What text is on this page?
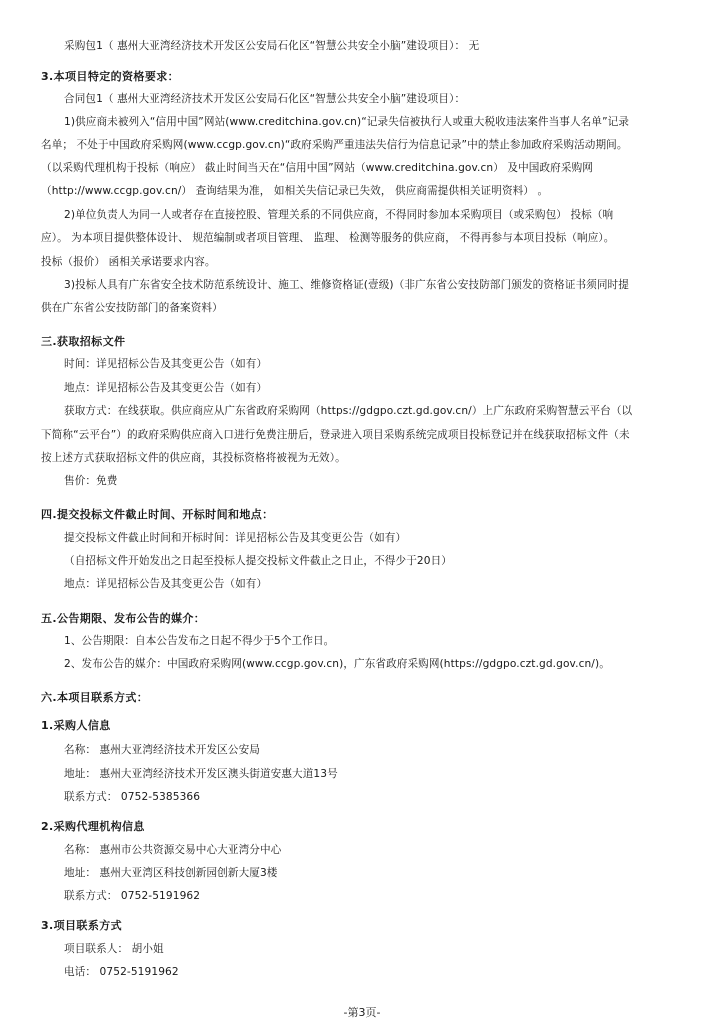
采购包1（ 惠州大亚湾经济技术开发区公安局石化区“智慧公共安全小脑”建设项目）： 无
3.本项目特定的资格要求：
合同包1（ 惠州大亚湾经济技术开发区公安局石化区“智慧公共安全小脑”建设项目）：
1)供应商未被列入“信用中国”网站(www.creditchina.gov.cn)“记录失信被执行人或重大税收违法案件当事人名单”记录
名单； 不处于中国政府采购网(www.ccgp.gov.cn)“政府采购严重违法失信行为信息记录”中的禁止参加政府采购活动期间。
（以采购代理机构于投标（响应） 截止时间当天在“信用中国”网站（www.creditchina.gov.cn） 及中国政府采购网
（http://www.ccgp.gov.cn/） 查询结果为准， 如相关失信记录已失效， 供应商需提供相关证明资料） 。
2)单位负责人为同一人或者存在直接控股、管理关系的不同供应商，不得同时参加本采购项目（或采购包） 投标（响
应）。 为本项目提供整体设计、 规范编制或者项目管理、 监理、 检测等服务的供应商， 不得再参与本项目投标（响应）。
投标（报价） 函相关承诺要求内容。
3)投标人具有广东省安全技术防范系统设计、施工、维修资格证(壹级)（非广东省公安技防部门颁发的资格证书须同时提
供在广东省公安技防部门的备案资料）
三.获取招标文件
时间：详见招标公告及其变更公告（如有）
地点：详见招标公告及其变更公告（如有）
获取方式：在线获取。供应商应从广东省政府采购网（https://gdgpo.czt.gd.gov.cn/）上广东政府采购智慧云平台（以
下简称“云平台”）的政府采购供应商入口进行免费注册后，登录进入项目采购系统完成项目投标登记并在线获取招标文件（未
按上述方式获取招标文件的供应商，其投标资格将被视为无效）。
售价：免费
四.提交投标文件截止时间、开标时间和地点：
提交投标文件截止时间和开标时间：详见招标公告及其变更公告（如有）
（自招标文件开始发出之日起至投标人提交投标文件截止之日止，不得少于20日）
地点：详见招标公告及其变更公告（如有）
五.公告期限、发布公告的媒介：
1、公告期限：自本公告发布之日起不得少于5个工作日。
2、发布公告的媒介：中国政府采购网(www.ccgp.gov.cn)，广东省政府采购网(https://gdgpo.czt.gd.gov.cn/)。
六.本项目联系方式：
1.采购人信息
名称： 惠州大亚湾经济技术开发区公安局
地址： 惠州大亚湾经济技术开发区澳头街道安惠大道13号
联系方式： 0752-5385366
2.采购代理机构信息
名称： 惠州市公共资源交易中心大亚湾分中心
地址： 惠州大亚湾区科技创新园创新大厦3楼
联系方式： 0752-5191962
3.项目联系方式
项目联系人： 胡小姐
电话： 0752-5191962
-第3页-
